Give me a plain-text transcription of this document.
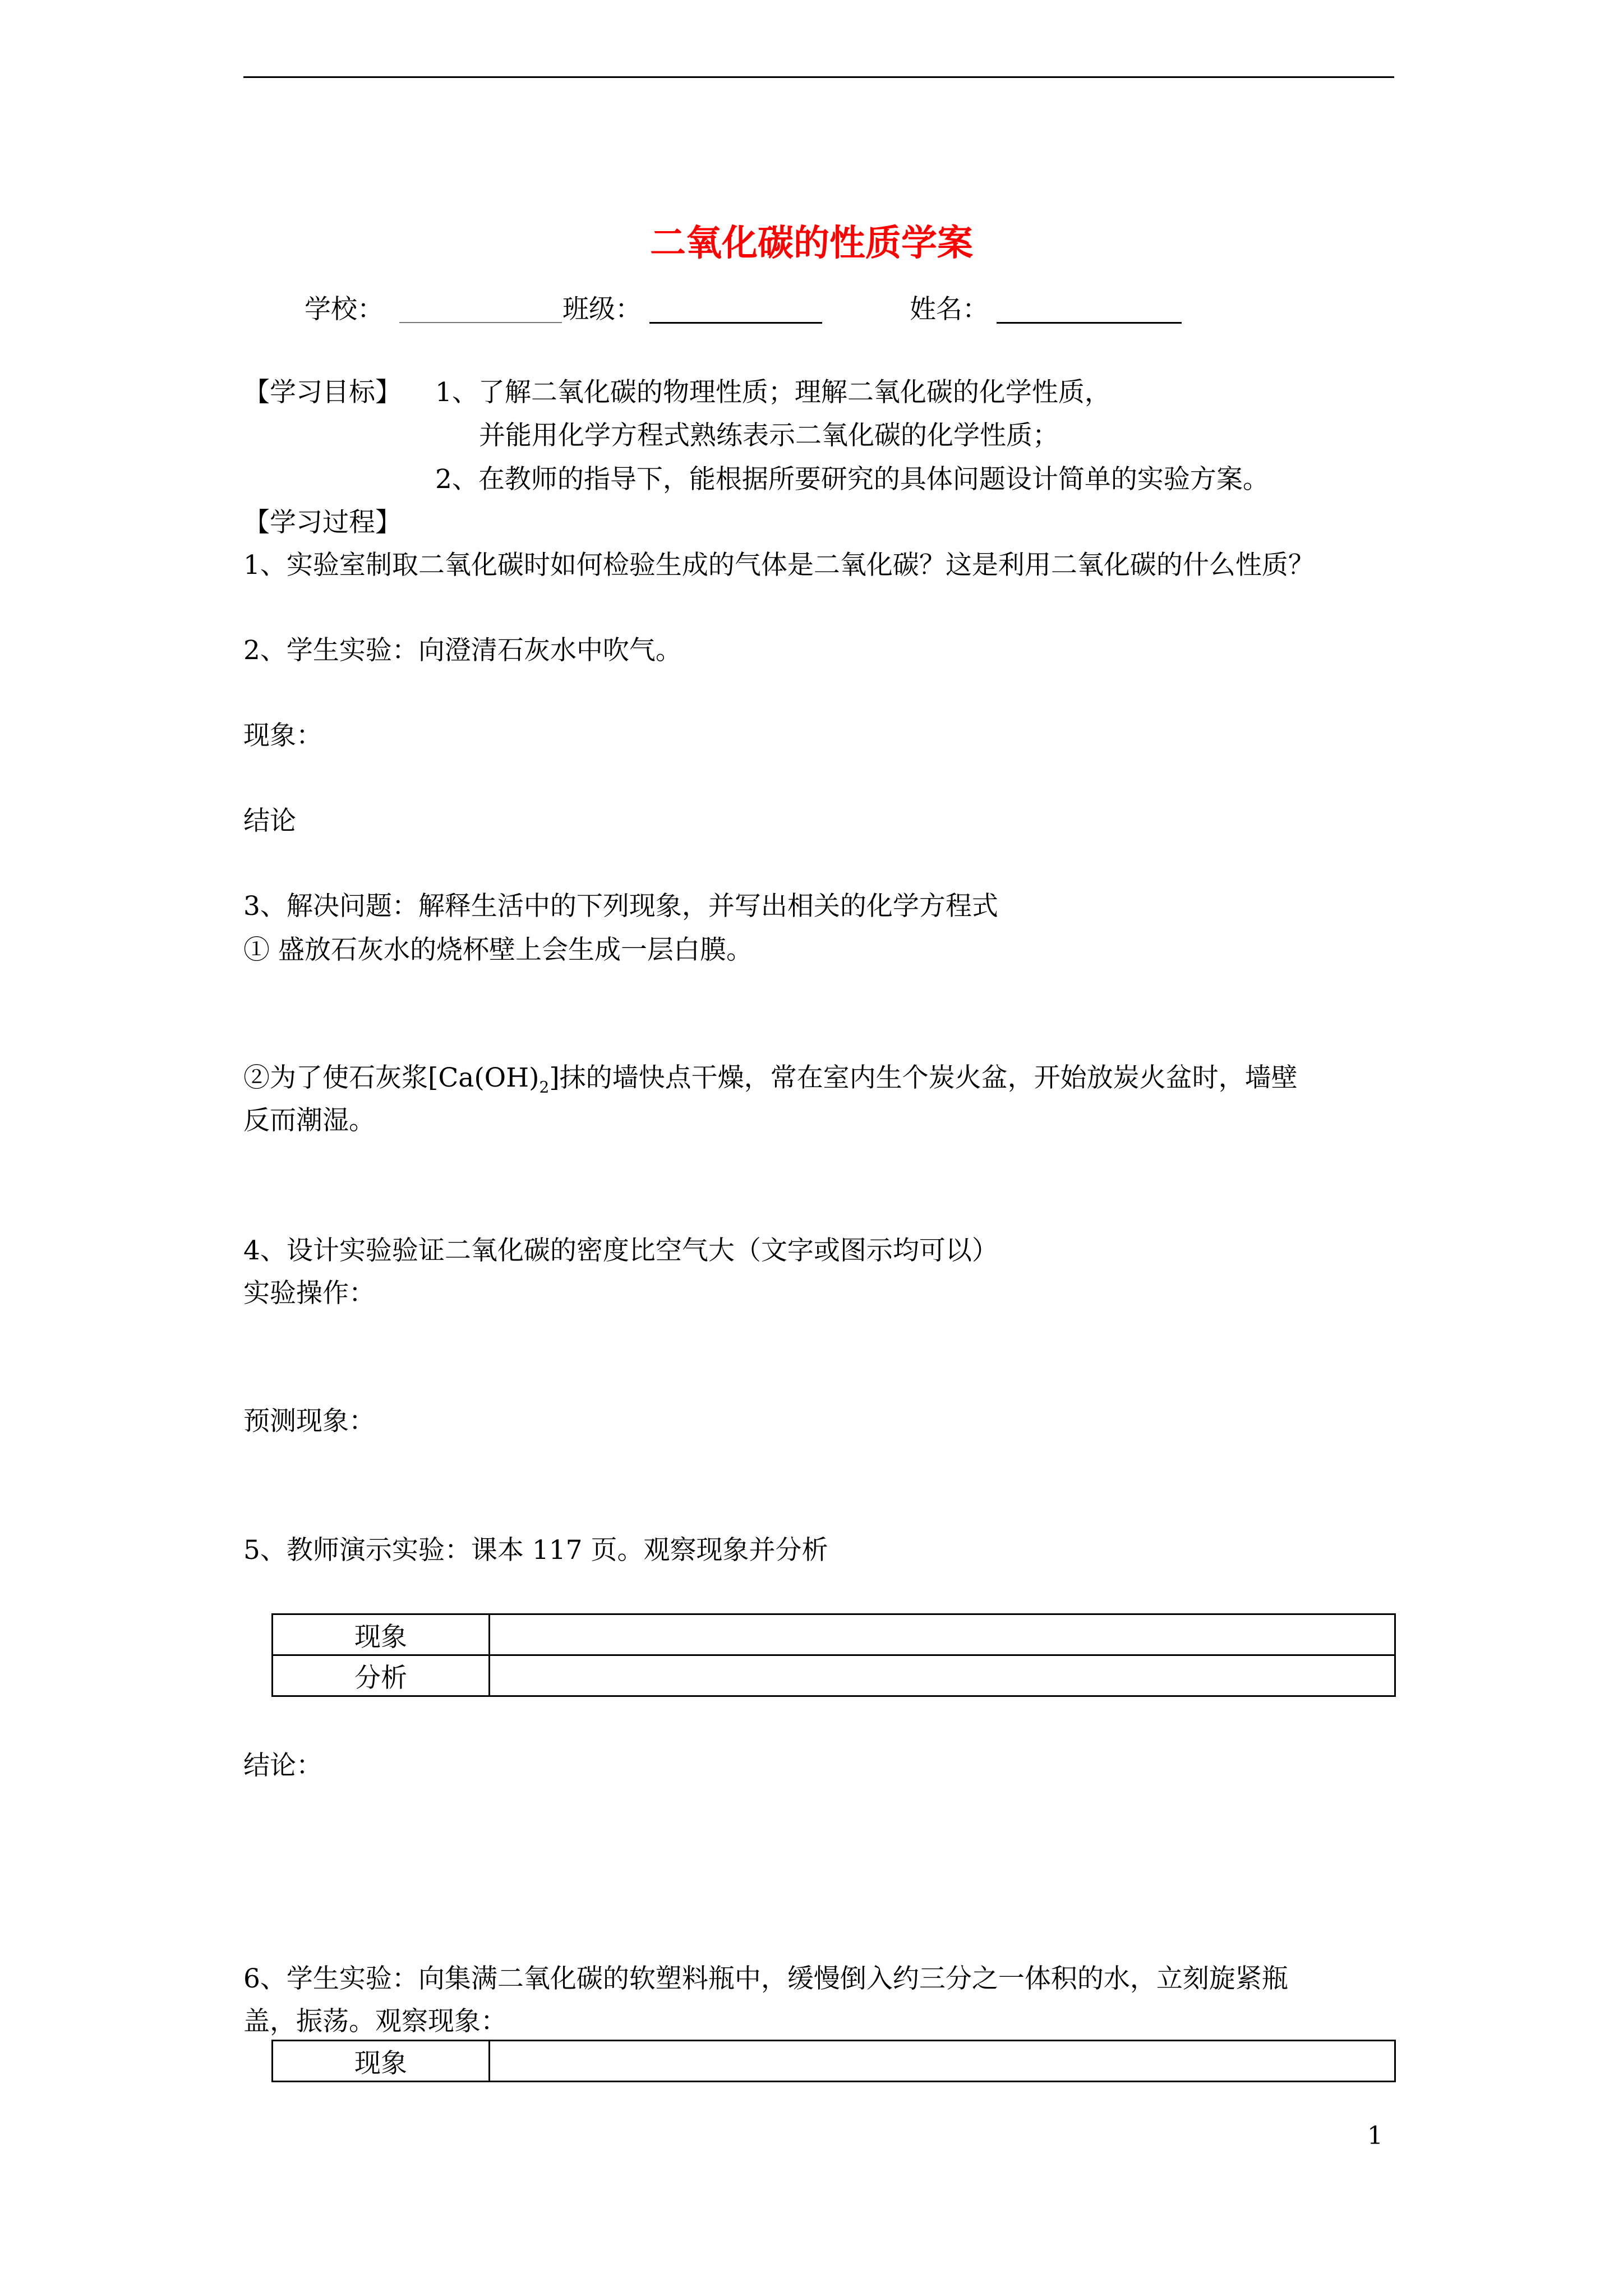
二氧化碳的性质学案
学校：	班级：	姓名：
【学习目标】 1、了解二氧化碳的物理性质；理解二氧化碳的化学性质，
并能用化学方程式熟练表示二氧化碳的化学性质；
2、在教师的指导下，能根据所要研究的具体问题设计简单的实验方案。
【学习过程】
1、实验室制取二氧化碳时如何检验生成的气体是二氧化碳？这是利用二氧化碳的什么性质？
2、学生实验：向澄清石灰水中吹气。
现象：
结论
3、解决问题：解释生活中的下列现象，并写出相关的化学方程式
① 盛放石灰水的烧杯壁上会生成一层白膜。
②为了使石灰浆$[Ca(OH)_2]$抹的墙快点干燥，常在室内生个炭火盆，开始放炭火盆时，墙壁
反而潮湿。
4、设计实验验证二氧化碳的密度比空气大（文字或图示均可以）
实验操作：
预测现象：
5、教师演示实验：课本 117 页。观察现象并分析
现象	
分析	
结论：
6、学生实验：向集满二氧化碳的软塑料瓶中，缓慢倒入约三分之一体积的水，立刻旋紧瓶
盖，振荡。观察现象：
现象	
1
